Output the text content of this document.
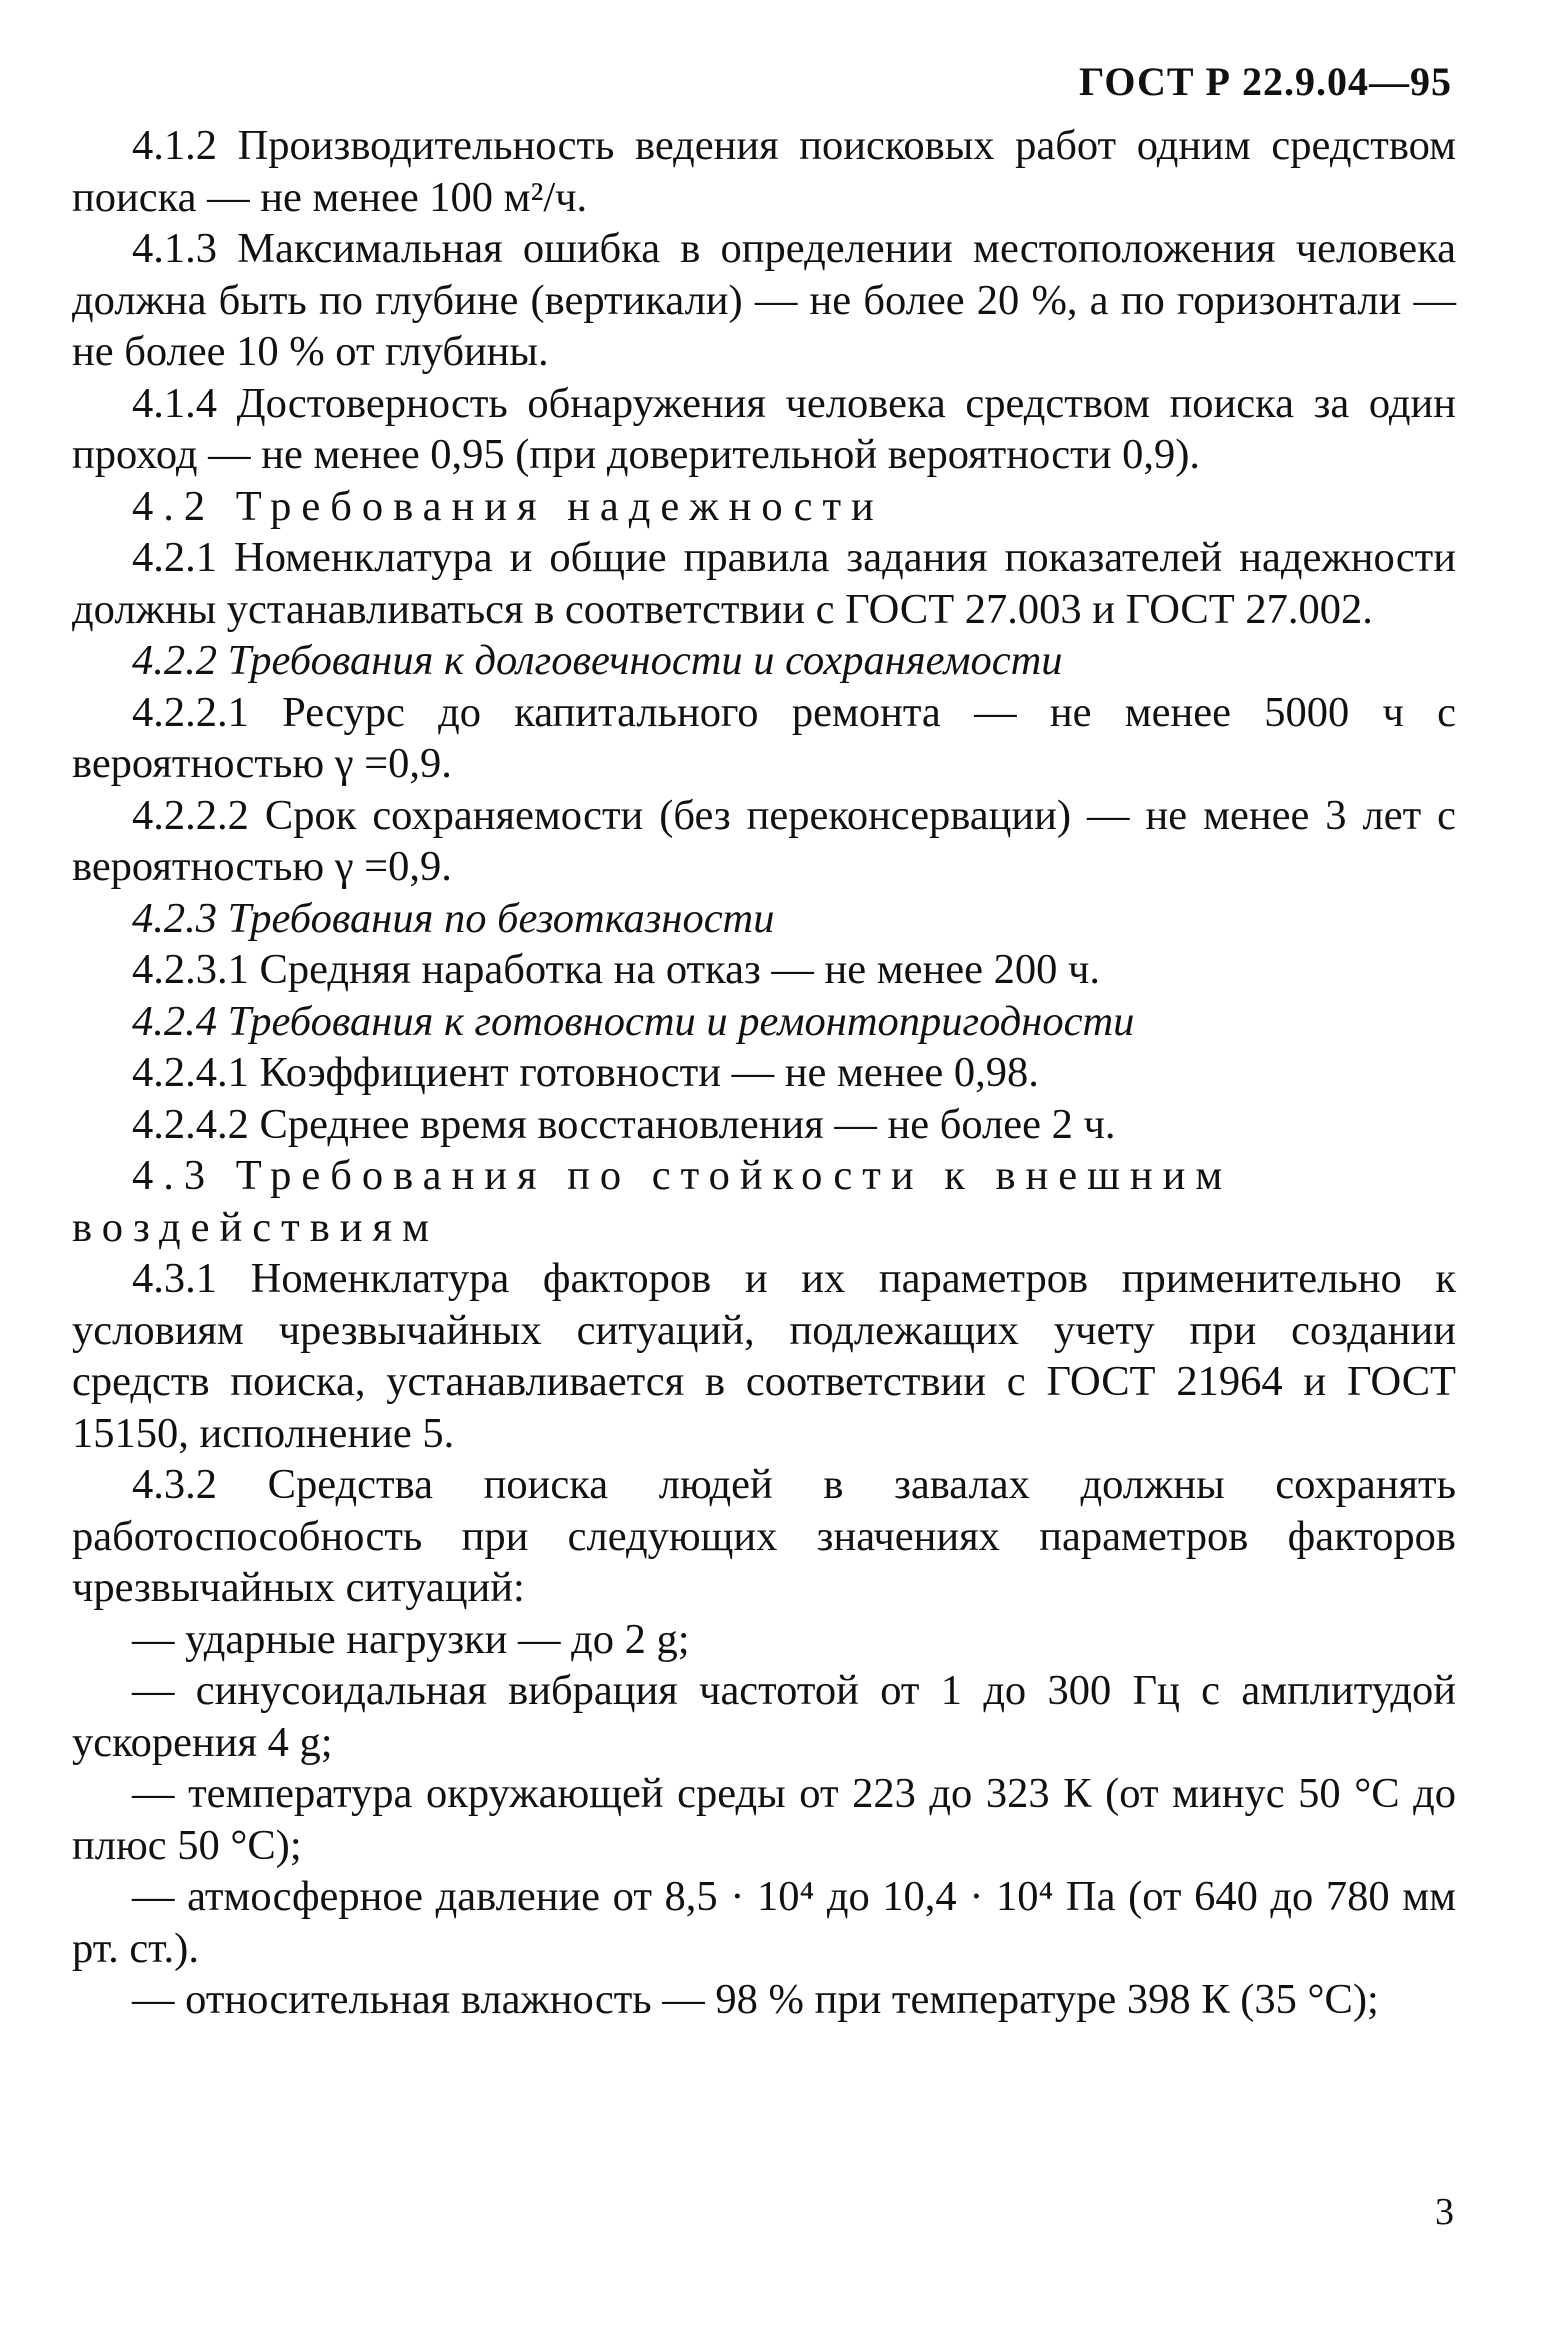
ГОСТ Р 22.9.04—95

4.1.2 Производительность ведения поисковых работ одним средством поиска — не менее 100 м²/ч.

4.1.3 Максимальная ошибка в определении местоположения человека должна быть по глубине (вертикали) — не более 20 %, а по горизонтали — не более 10 % от глубины.

4.1.4 Достоверность обнаружения человека средством поиска за один проход — не менее 0,95 (при доверительной вероятности 0,9).

4.2 Требования надежности

4.2.1 Номенклатура и общие правила задания показателей надежности должны устанавливаться в соответствии с ГОСТ 27.003 и ГОСТ 27.002.

4.2.2 Требования к долговечности и сохраняемости

4.2.2.1 Ресурс до капитального ремонта — не менее 5000 ч с вероятностью γ =0,9.

4.2.2.2 Срок сохраняемости (без переконсервации) — не менее 3 лет с вероятностью γ =0,9.

4.2.3 Требования по безотказности

4.2.3.1 Средняя наработка на отказ — не менее 200 ч.

4.2.4 Требования к готовности и ремонтопригодности

4.2.4.1 Коэффициент готовности — не менее 0,98.

4.2.4.2 Среднее время восстановления — не более 2 ч.

4.3 Требования по стойкости к внешним воздействиям

4.3.1 Номенклатура факторов и их параметров применительно к условиям чрезвычайных ситуаций, подлежащих учету при создании средств поиска, устанавливается в соответствии с ГОСТ 21964 и ГОСТ 15150, исполнение 5.

4.3.2 Средства поиска людей в завалах должны сохранять работоспособность при следующих значениях параметров факторов чрезвычайных ситуаций:

— ударные нагрузки — до 2 g;

— синусоидальная вибрация частотой от 1 до 300 Гц с амплитудой ускорения 4 g;

— температура окружающей среды от 223 до 323 К (от минус 50 °С до плюс 50 °С);

— атмосферное давление от 8,5 · 10⁴ до 10,4 · 10⁴ Па (от 640 до 780 мм рт. ст.).

— относительная влажность — 98 % при температуре 398 К (35 °С);

3
